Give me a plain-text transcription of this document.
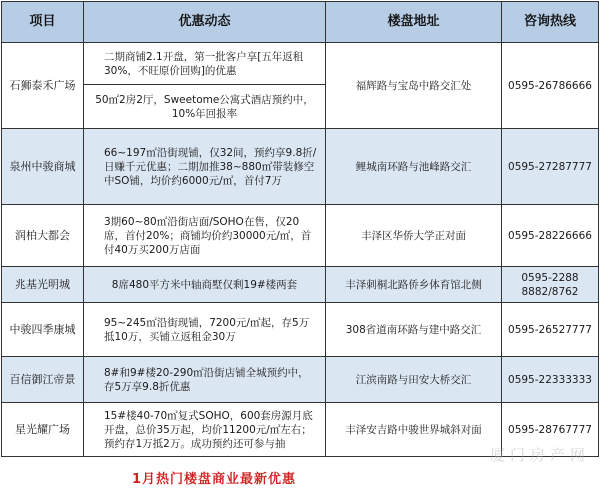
项目	优惠动态	楼盘地址	咨询热线
石狮泰禾广场	二期商铺2.1开盘，第一批客户享[五年返租30%，不旺原价回购]的优惠	福辉路与宝岛中路交汇处	0595-26786666

	50㎡2房2厅，Sweetome公寓式酒店预约中，10%年回报率		

泉州中骏商城	66~197㎡沿街现铺，仅32间，预约享9.8折/日赚千元优惠；二期加推38~880㎡带装修空中SO铺，均价约6000元/㎡，首付7万	鲤城南环路与池峰路交汇	0595-27287777
润柏大都会	3期60~80㎡沿街店面/SOHO在售，仅20席，首付20%；商铺均价约30000元/㎡，首付40万买200万店面	丰泽区华侨大学正对面	0595-28226666
兆基光明城	8席480平方米中轴商墅仅剩19#楼两套	丰泽刺桐北路侨乡体育馆北侧	0595-2288 8882/8762
中骏四季康城	95~245㎡沿街现铺，7200元/㎡起，存5万抵10万，买铺立返租金30万	308省道南环路与建中路交汇	0595-26527777
百信御江帝景	8#和9#楼20-290㎡沿街店铺全城预约中，存5万享9.8折优惠	江滨南路与田安大桥交汇	0595-22333333
星光耀广场	15#楼40-70㎡复式SOHO，600套房源月底开盘，总价35万起，均价11200元/㎡左右；预约存1万抵2万。成功预约还可参与抽	丰泽安吉路中骏世界城斜对面	0595-28767777
1月热门楼盘商业最新优惠
厦门房产网
